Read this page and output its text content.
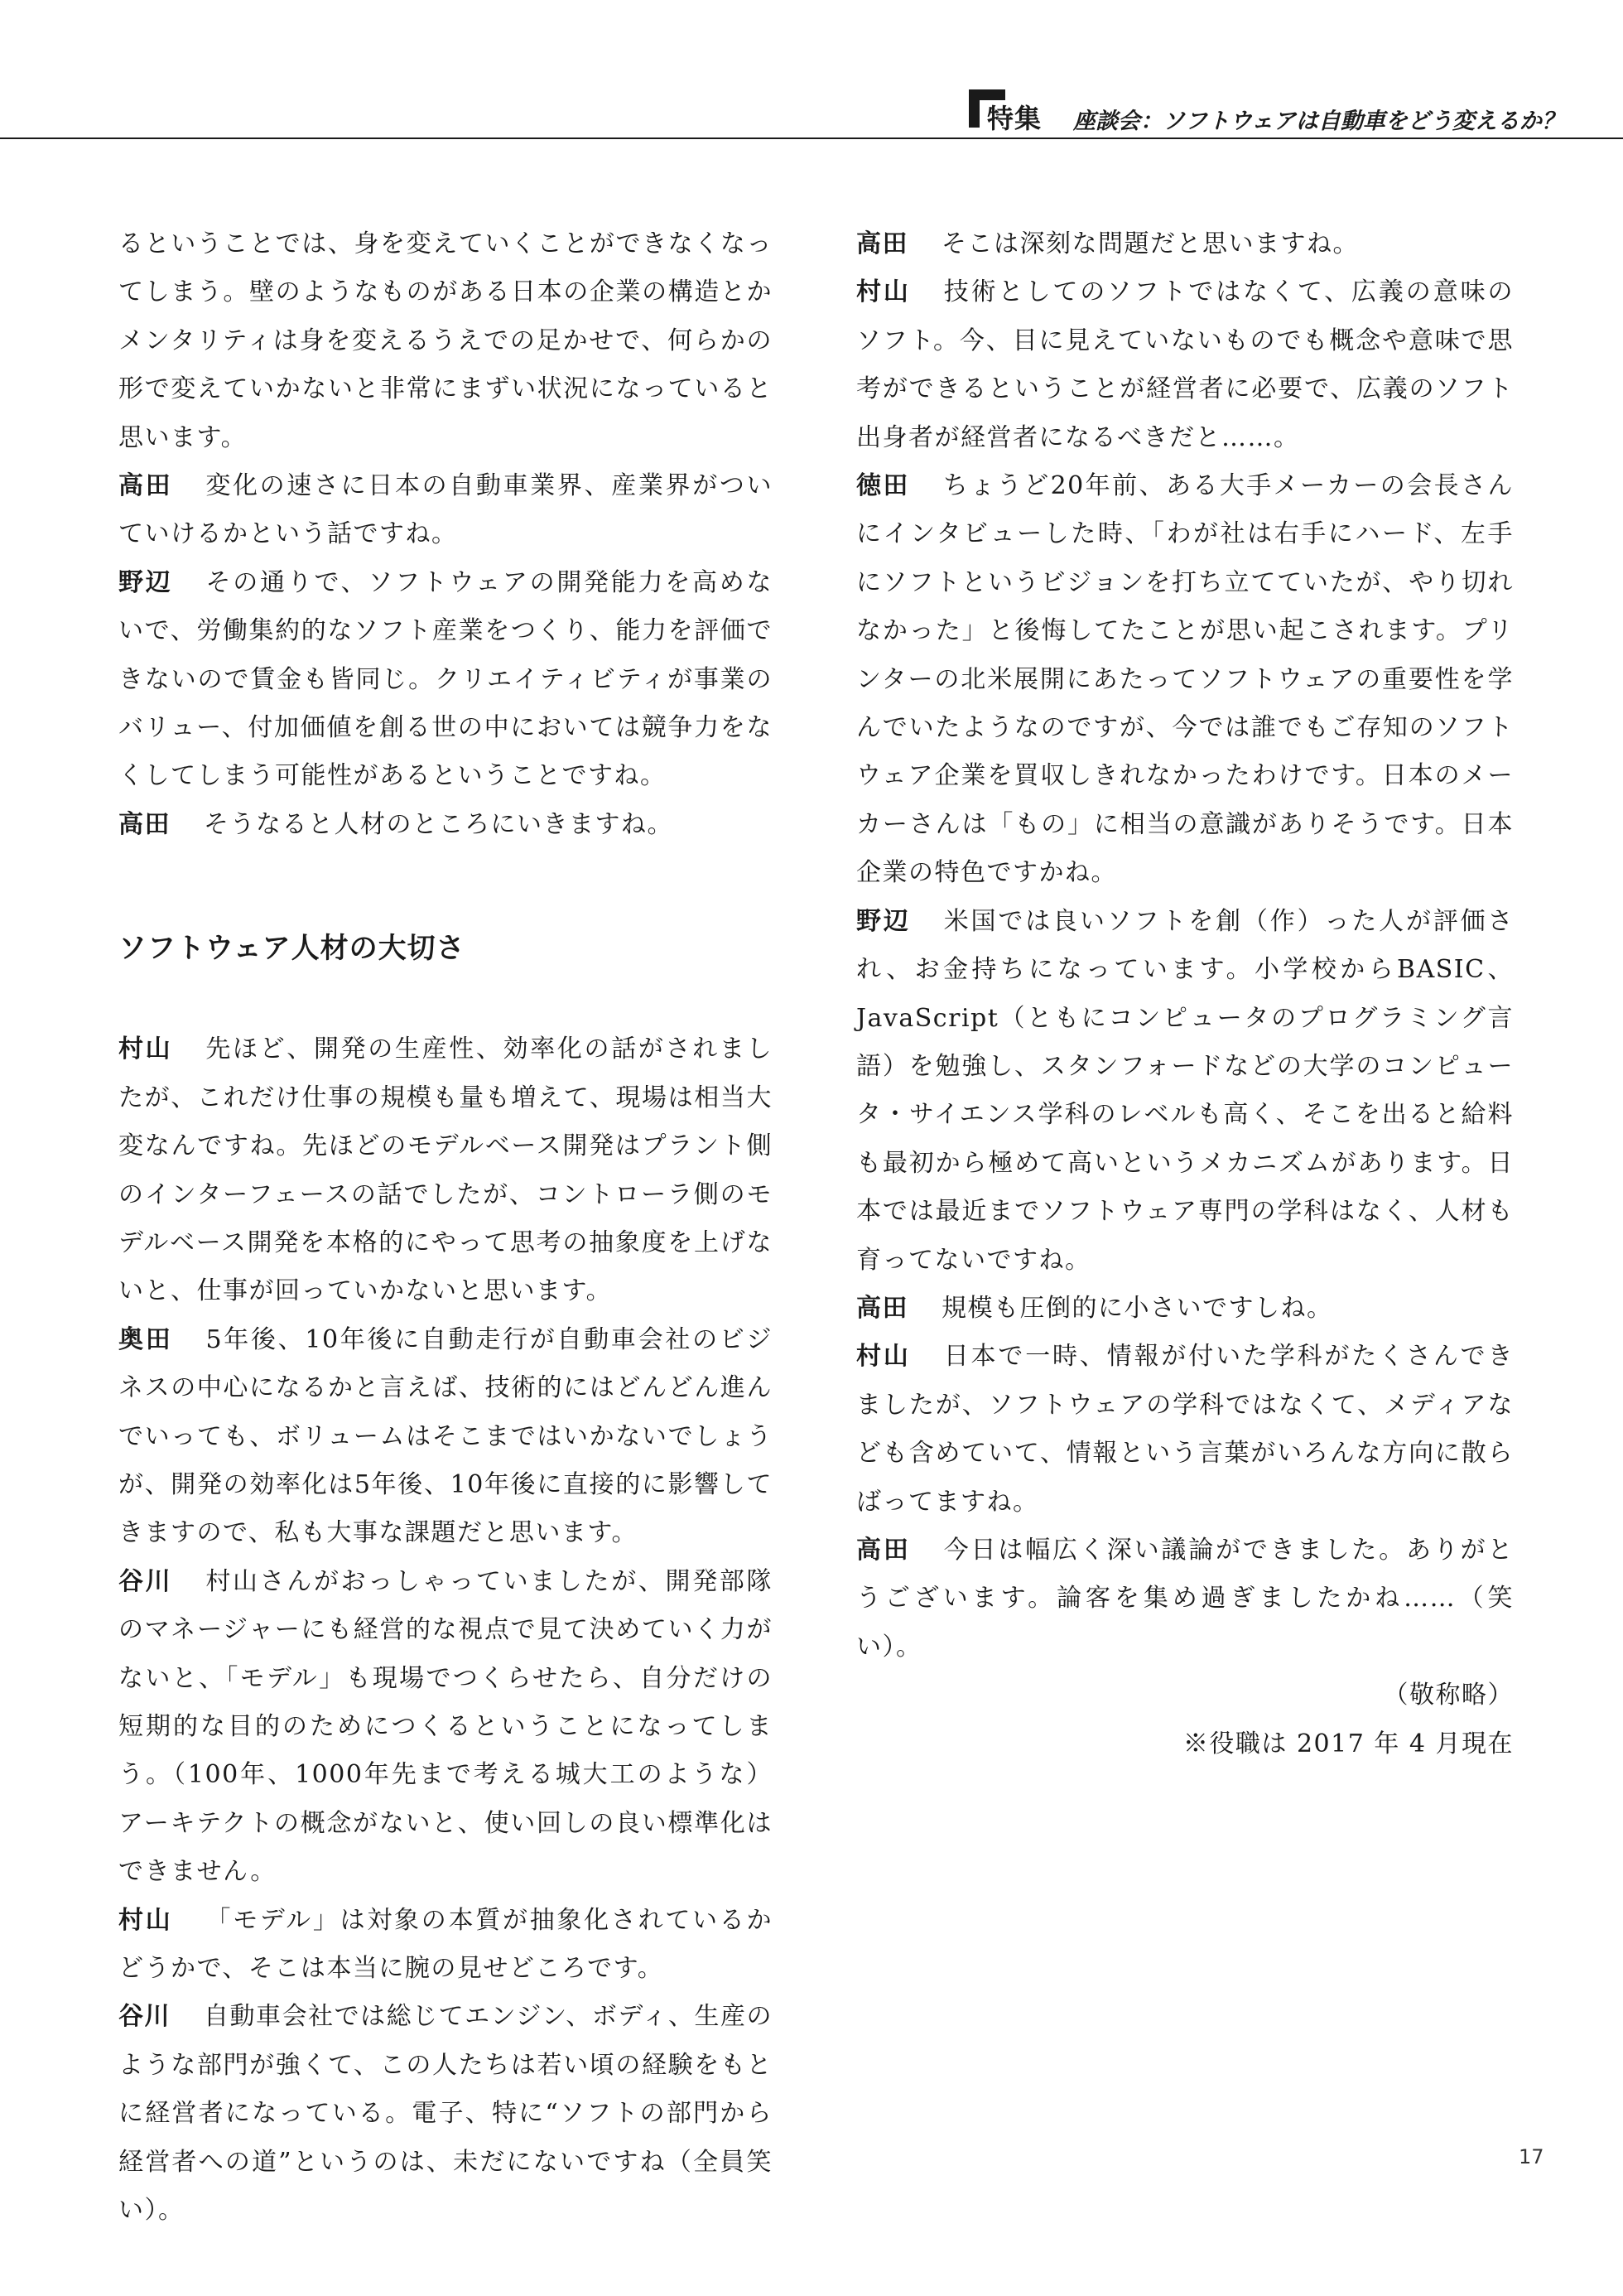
特集 座談会：ソフトウェアは自動車をどう変えるか？

るということでは、身を変えていくことができなくなってしまう。壁のようなものがある日本の企業の構造とかメンタリティは身を変えるうえでの足かせで、何らかの形で変えていかないと非常にまずい状況になっていると思います。

高田 変化の速さに日本の自動車業界、産業界がついていけるかという話ですね。

野辺 その通りで、ソフトウェアの開発能力を高めないで、労働集約的なソフト産業をつくり、能力を評価できないので賃金も皆同じ。クリエイティビティが事業のバリュー、付加価値を創る世の中においては競争力をなくしてしまう可能性があるということですね。

高田 そうなると人材のところにいきますね。

ソフトウェア人材の大切さ

村山 先ほど、開発の生産性、効率化の話がされましたが、これだけ仕事の規模も量も増えて、現場は相当大変なんですね。先ほどのモデルベース開発はプラント側のインターフェースの話でしたが、コントローラ側のモデルベース開発を本格的にやって思考の抽象度を上げないと、仕事が回っていかないと思います。

奥田 5年後、10年後に自動走行が自動車会社のビジネスの中心になるかと言えば、技術的にはどんどん進んでいっても、ボリュームはそこまではいかないでしょうが、開発の効率化は5年後、10年後に直接的に影響してきますので、私も大事な課題だと思います。

谷川 村山さんがおっしゃっていましたが、開発部隊のマネージャーにも経営的な視点で見て決めていく力がないと、「モデル」も現場でつくらせたら、自分だけの短期的な目的のためにつくるということになってしまう。（100年、1000年先まで考える城大工のような）アーキテクトの概念がないと、使い回しの良い標準化はできません。

村山 「モデル」は対象の本質が抽象化されているかどうかで、そこは本当に腕の見せどころです。

谷川 自動車会社では総じてエンジン、ボディ、生産のような部門が強くて、この人たちは若い頃の経験をもとに経営者になっている。電子、特に“ソフトの部門から経営者への道”というのは、未だにないですね（全員笑い）。

高田 そこは深刻な問題だと思いますね。

村山 技術としてのソフトではなくて、広義の意味のソフト。今、目に見えていないものでも概念や意味で思考ができるということが経営者に必要で、広義のソフト出身者が経営者になるべきだと……。

徳田 ちょうど20年前、ある大手メーカーの会長さんにインタビューした時、「わが社は右手にハード、左手にソフトというビジョンを打ち立てていたが、やり切れなかった」と後悔してたことが思い起こされます。プリンターの北米展開にあたってソフトウェアの重要性を学んでいたようなのですが、今では誰でもご存知のソフトウェア企業を買収しきれなかったわけです。日本のメーカーさんは「もの」に相当の意識がありそうです。日本企業の特色ですかね。

野辺 米国では良いソフトを創（作）った人が評価され、お金持ちになっています。小学校からBASIC、JavaScript（ともにコンピュータのプログラミング言語）を勉強し、スタンフォードなどの大学のコンピュータ・サイエンス学科のレベルも高く、そこを出ると給料も最初から極めて高いというメカニズムがあります。日本では最近までソフトウェア専門の学科はなく、人材も育ってないですね。

高田 規模も圧倒的に小さいですしね。

村山 日本で一時、情報が付いた学科がたくさんできましたが、ソフトウェアの学科ではなくて、メディアなども含めていて、情報という言葉がいろんな方向に散らばってますね。

高田 今日は幅広く深い議論ができました。ありがとうございます。論客を集め過ぎましたかね……（笑い）。

（敬称略）

※役職は 2017 年 4 月現在

17
